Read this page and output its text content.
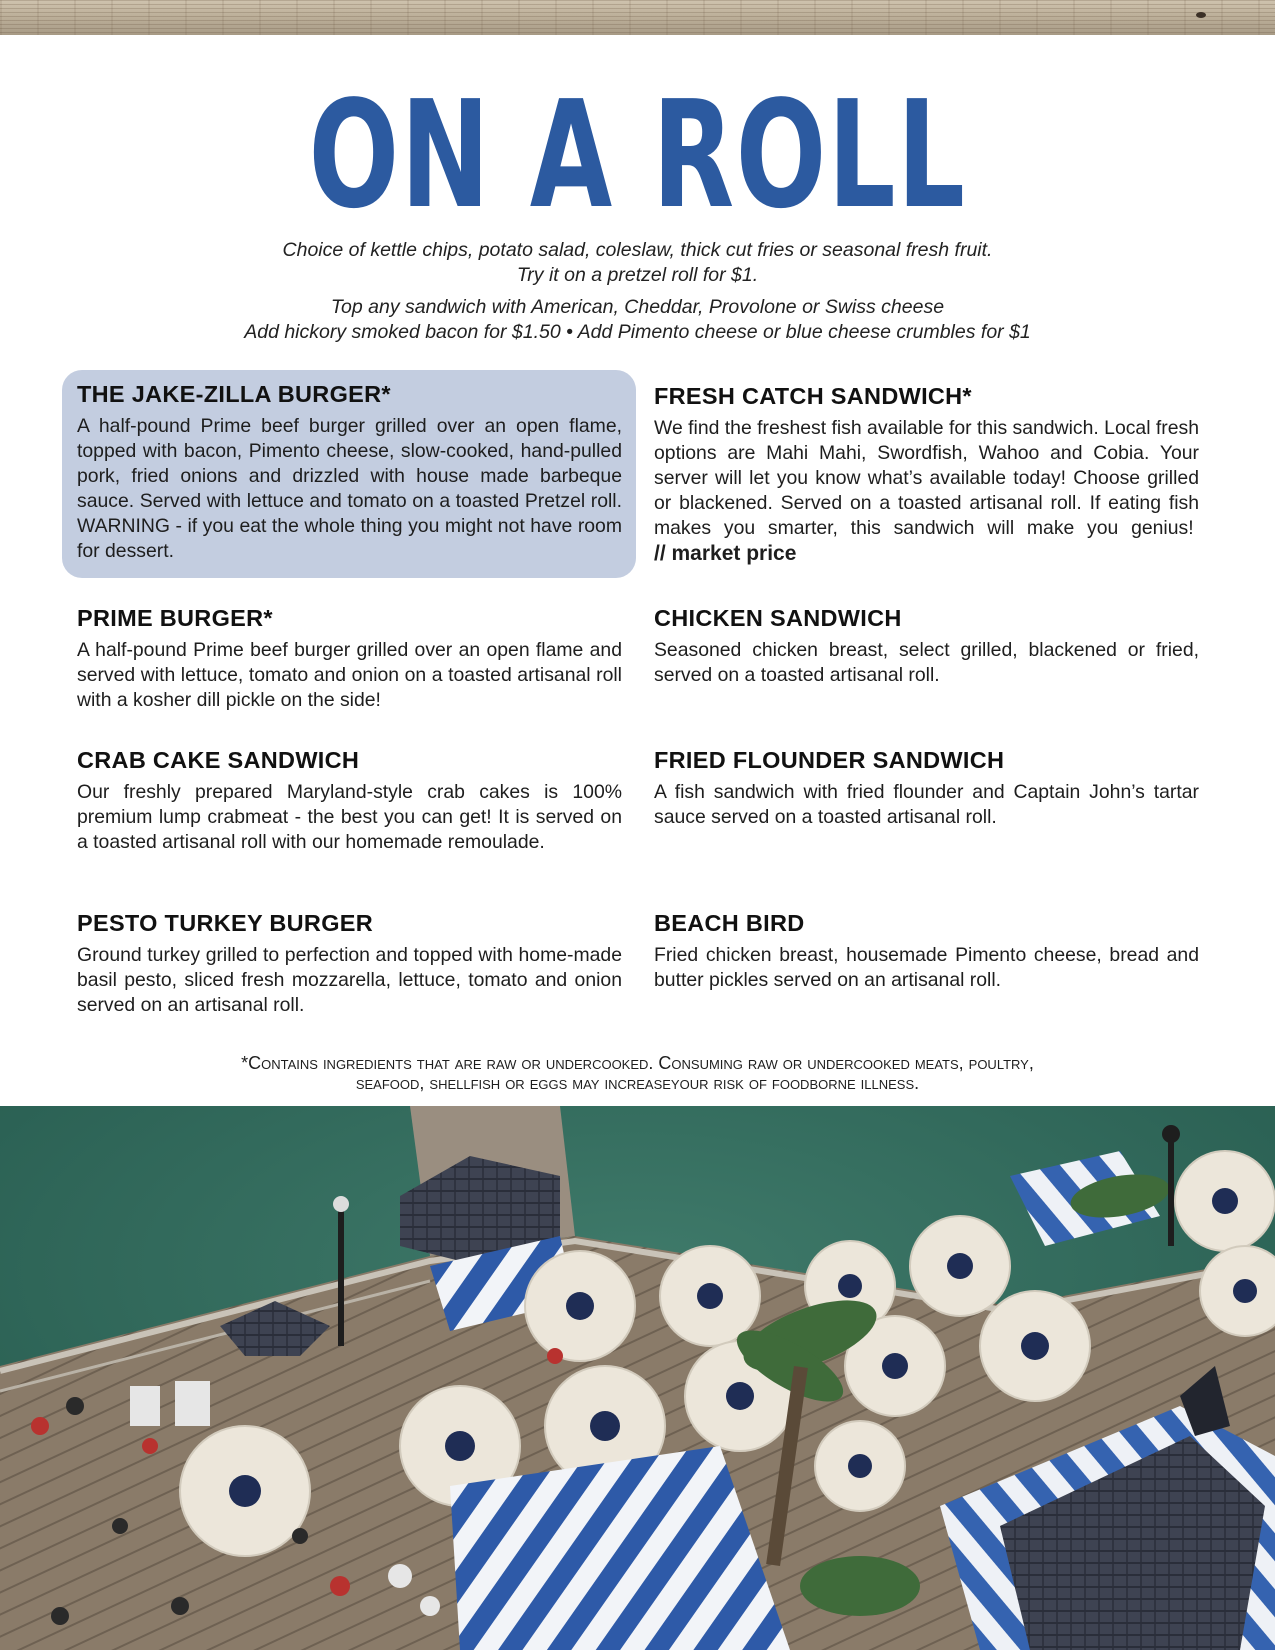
ON A ROLL
Choice of kettle chips, potato salad, coleslaw, thick cut fries or seasonal fresh fruit.
Try it on a pretzel roll for $1.
Top any sandwich with American, Cheddar, Provolone or Swiss cheese
Add hickory smoked bacon for $1.50 • Add Pimento cheese or blue cheese crumbles for $1
THE JAKE-ZILLA BURGER*
A half-pound Prime beef burger grilled over an open flame, topped with bacon, Pimento cheese, slow-cooked, hand-pulled pork, fried onions and drizzled with house made barbeque sauce. Served with lettuce and tomato on a toasted Pretzel roll. WARNING - if you eat the whole thing you might not have room for dessert.
FRESH CATCH SANDWICH*
We find the freshest fish available for this sandwich. Local fresh options are Mahi Mahi, Swordfish, Wahoo and Cobia. Your server will let you know what’s available today! Choose grilled or blackened. Served on a toasted artisanal roll. If eating fish makes you smarter, this sandwich will make you genius!  // market price
PRIME BURGER*
A half-pound Prime beef burger grilled over an open flame and served with lettuce, tomato and onion on a toasted artisanal roll with a kosher dill pickle on the side!
CHICKEN SANDWICH
Seasoned chicken breast, select grilled, blackened or fried, served on a toasted artisanal roll.
CRAB CAKE SANDWICH
Our freshly prepared Maryland-style crab cakes is 100% premium lump crabmeat - the best you can get! It is served on a toasted artisanal roll with our homemade remoulade.
FRIED FLOUNDER SANDWICH
A fish sandwich with fried flounder and Captain John’s tartar sauce served on a toasted artisanal roll.
PESTO TURKEY BURGER
Ground turkey grilled to perfection and topped with home-made basil pesto, sliced fresh mozzarella, lettuce, tomato and onion served on an artisanal roll.
BEACH BIRD
Fried chicken breast, housemade Pimento cheese, bread and butter pickles served on an artisanal roll.
*Contains ingredients that are raw or undercooked. Consuming raw or undercooked meats, poultry,
seafood, shellfish or eggs may increaseyour risk of foodborne illness.
